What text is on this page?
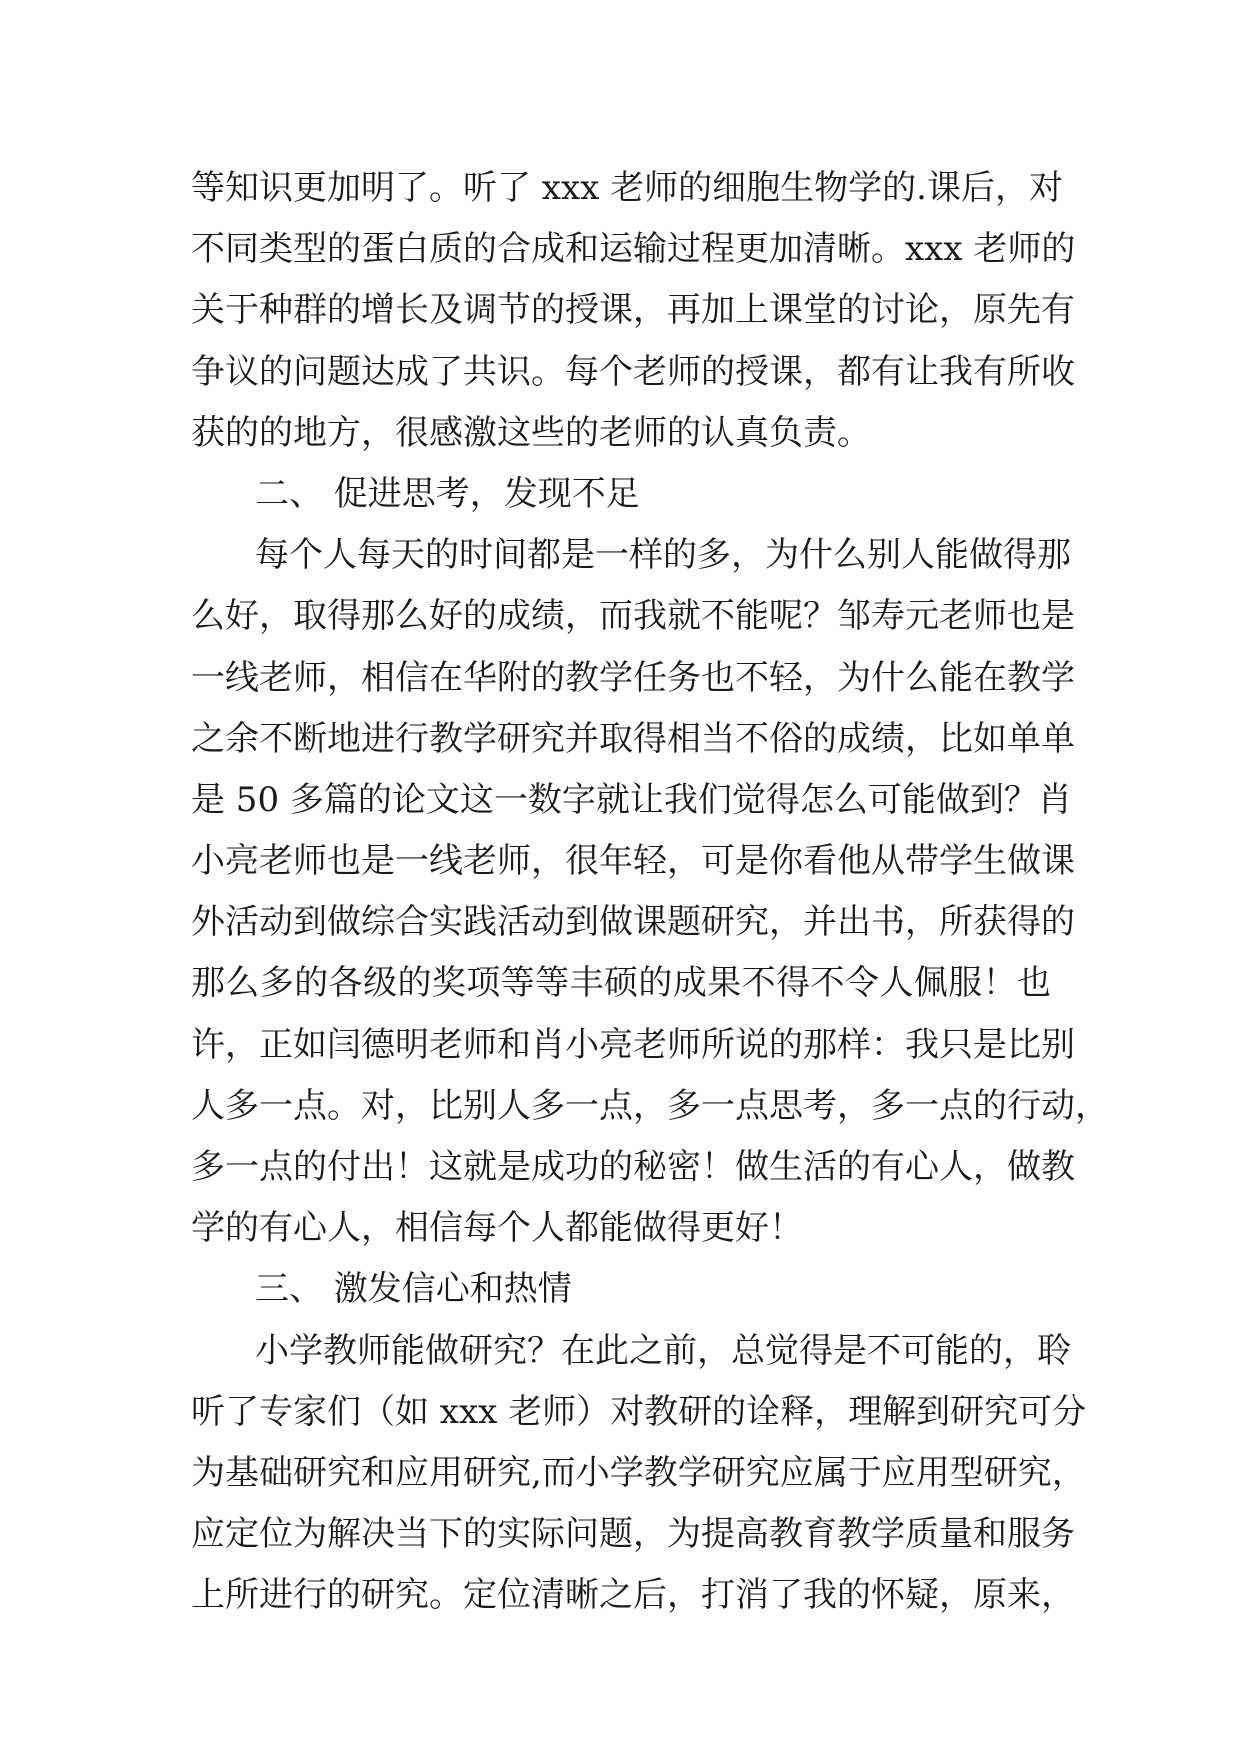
等知识更加明了。听了 xxx 老师的细胞生物学的.课后，对
不同类型的蛋白质的合成和运输过程更加清晰。xxx 老师的
关于种群的增长及调节的授课，再加上课堂的讨论，原先有
争议的问题达成了共识。每个老师的授课，都有让我有所收
获的的地方，很感激这些的老师的认真负责。
二、 促进思考，发现不足
每个人每天的时间都是一样的多，为什么别人能做得那
么好，取得那么好的成绩，而我就不能呢？邹寿元老师也是
一线老师，相信在华附的教学任务也不轻，为什么能在教学
之余不断地进行教学研究并取得相当不俗的成绩，比如单单
是 50 多篇的论文这一数字就让我们觉得怎么可能做到？肖
小亮老师也是一线老师，很年轻，可是你看他从带学生做课
外活动到做综合实践活动到做课题研究，并出书，所获得的
那么多的各级的奖项等等丰硕的成果不得不令人佩服！也
许，正如闫德明老师和肖小亮老师所说的那样：我只是比别
人多一点。对，比别人多一点，多一点思考，多一点的行动，
多一点的付出！这就是成功的秘密！做生活的有心人，做教
学的有心人，相信每个人都能做得更好！
三、 激发信心和热情
小学教师能做研究？在此之前，总觉得是不可能的，聆
听了专家们（如 xxx 老师）对教研的诠释，理解到研究可分
为基础研究和应用研究,而小学教学研究应属于应用型研究，
应定位为解决当下的实际问题，为提高教育教学质量和服务
上所进行的研究。定位清晰之后，打消了我的怀疑，原来，
